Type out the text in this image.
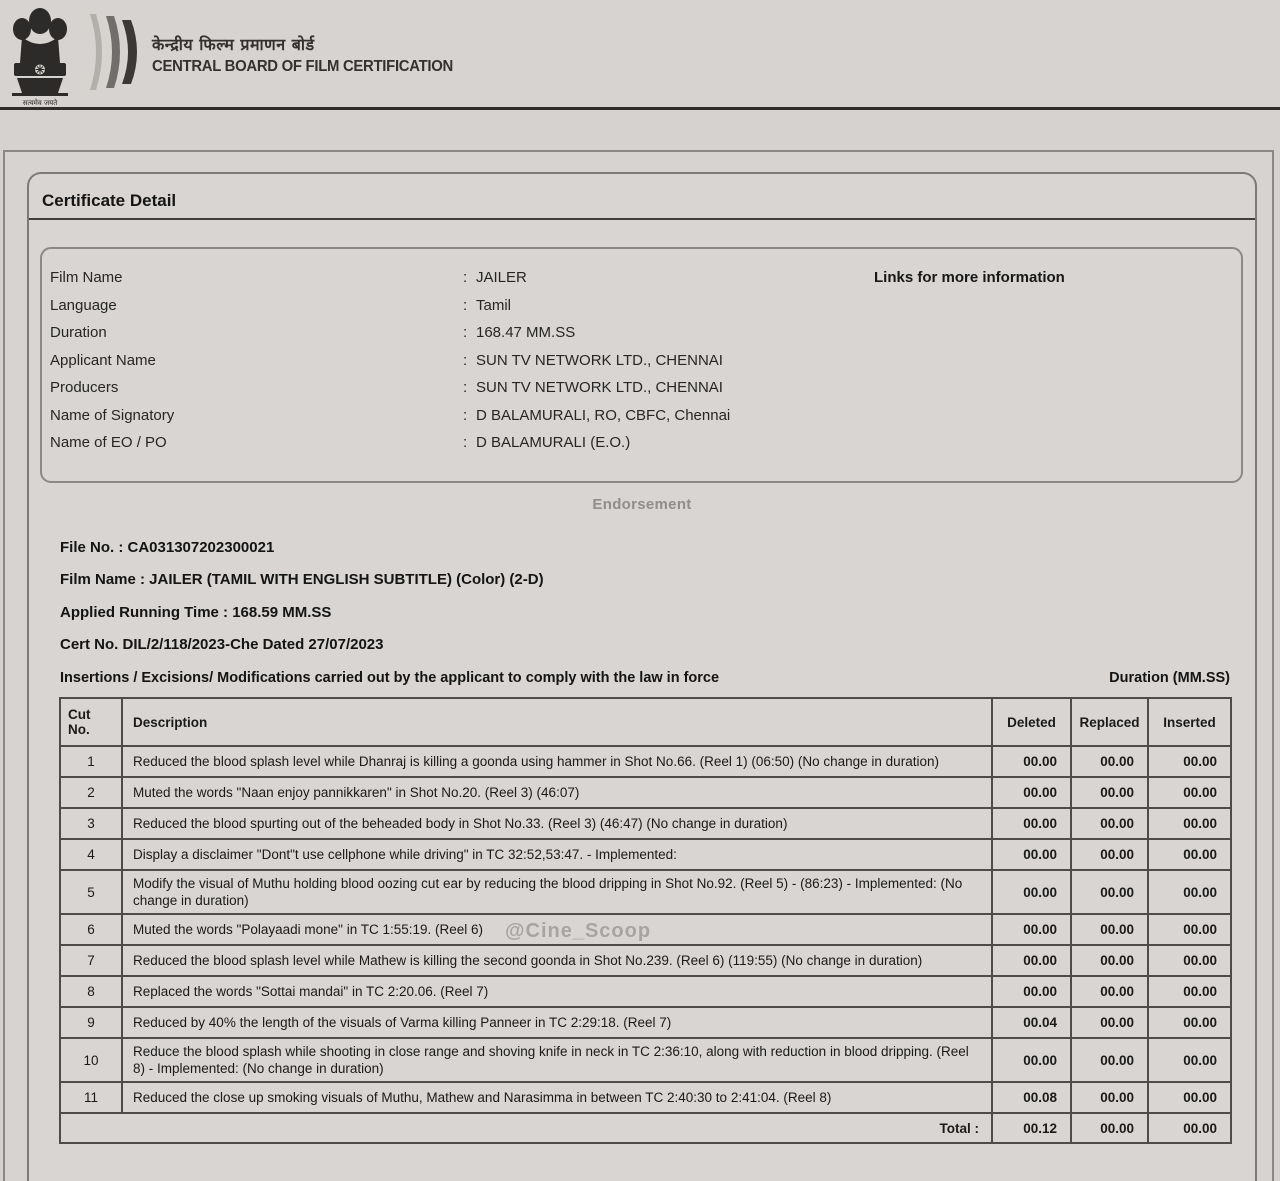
सत्यमेव जयते
केन्द्रीय फिल्म प्रमाणन बोर्ड
CENTRAL BOARD OF FILM CERTIFICATION
Certificate Detail
Film Name	: JAILER
Language	: Tamil
Duration	: 168.47 MM.SS
Applicant Name	: SUN TV NETWORK LTD., CHENNAI
Producers	: SUN TV NETWORK LTD., CHENNAI
Name of Signatory	: D BALAMURALI, RO, CBFC, Chennai
Name of EO / PO	: D BALAMURALI (E.O.)
Links for more information
Endorsement
File No. : CA031307202300021
Film Name : JAILER (TAMIL WITH ENGLISH SUBTITLE) (Color) (2-D)
Applied Running Time : 168.59 MM.SS
Cert No. DIL/2/118/2023-Che Dated 27/07/2023
Insertions / Excisions/ Modifications carried out by the applicant to comply with the law in force	Duration (MM.SS)
Cut
No.	Description	Deleted	Replaced	Inserted
1	Reduced the blood splash level while Dhanraj is killing a goonda using hammer in Shot No.66. (Reel 1) (06:50) (No change in duration)	00.00	00.00	00.00
2	Muted the words "Naan enjoy pannikkaren" in Shot No.20. (Reel 3) (46:07)	00.00	00.00	00.00
3	Reduced the blood spurting out of the beheaded body in Shot No.33. (Reel 3) (46:47) (No change in duration)	00.00	00.00	00.00
4	Display a disclaimer "Dont"t use cellphone while driving" in TC 32:52,53:47. - Implemented:	00.00	00.00	00.00
5	Modify the visual of Muthu holding blood oozing cut ear by reducing the blood dripping in Shot No.92. (Reel 5) - (86:23) - Implemented: (No change in duration)	00.00	00.00	00.00
6	Muted the words "Polayaadi mone" in TC 1:55:19. (Reel 6)	00.00	00.00	00.00
7	Reduced the blood splash level while Mathew is killing the second goonda in Shot No.239. (Reel 6) (119:55) (No change in duration)	00.00	00.00	00.00
8	Replaced the words "Sottai mandai" in TC 2:20.06. (Reel 7)	00.00	00.00	00.00
9	Reduced by 40% the length of the visuals of Varma killing Panneer in TC 2:29:18. (Reel 7)	00.04	00.00	00.00
10	Reduce the blood splash while shooting in close range and shoving knife in neck in TC 2:36:10, along with reduction in blood dripping. (Reel 8) - Implemented: (No change in duration)	00.00	00.00	00.00
11	Reduced the close up smoking visuals of Muthu, Mathew and Narasimma in between TC 2:40:30 to 2:41:04. (Reel 8)	00.08	00.00	00.00
Total :		00.12	00.00	00.00
@Cine_Scoop
